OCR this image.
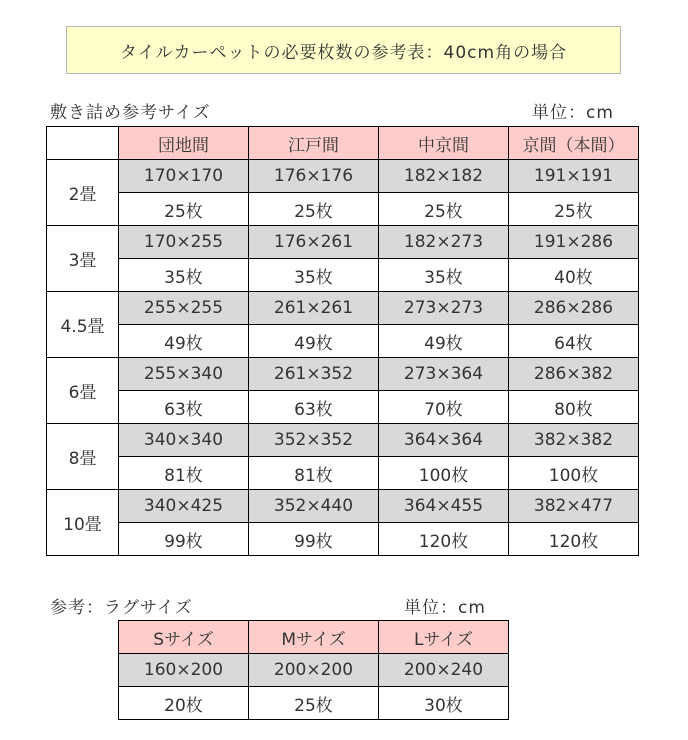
タイルカーペットの必要枚数の参考表：40cm角の場合
敷き詰め参考サイズ	単位：cm
	団地間	江戸間	中京間	京間（本間）
2畳	170×170	176×176	182×182	191×191
	25枚	25枚	25枚	25枚
3畳	170×255	176×261	182×273	191×286
	35枚	35枚	35枚	40枚
4.5畳	255×255	261×261	273×273	286×286
	49枚	49枚	49枚	64枚
6畳	255×340	261×352	273×364	286×382
	63枚	63枚	70枚	80枚
8畳	340×340	352×352	364×364	382×382
	81枚	81枚	100枚	100枚
10畳	340×425	352×440	364×455	382×477
	99枚	99枚	120枚	120枚
参考：ラグサイズ	単位：cm
Sサイズ	Mサイズ	Lサイズ
160×200	200×200	200×240
20枚	25枚	30枚
